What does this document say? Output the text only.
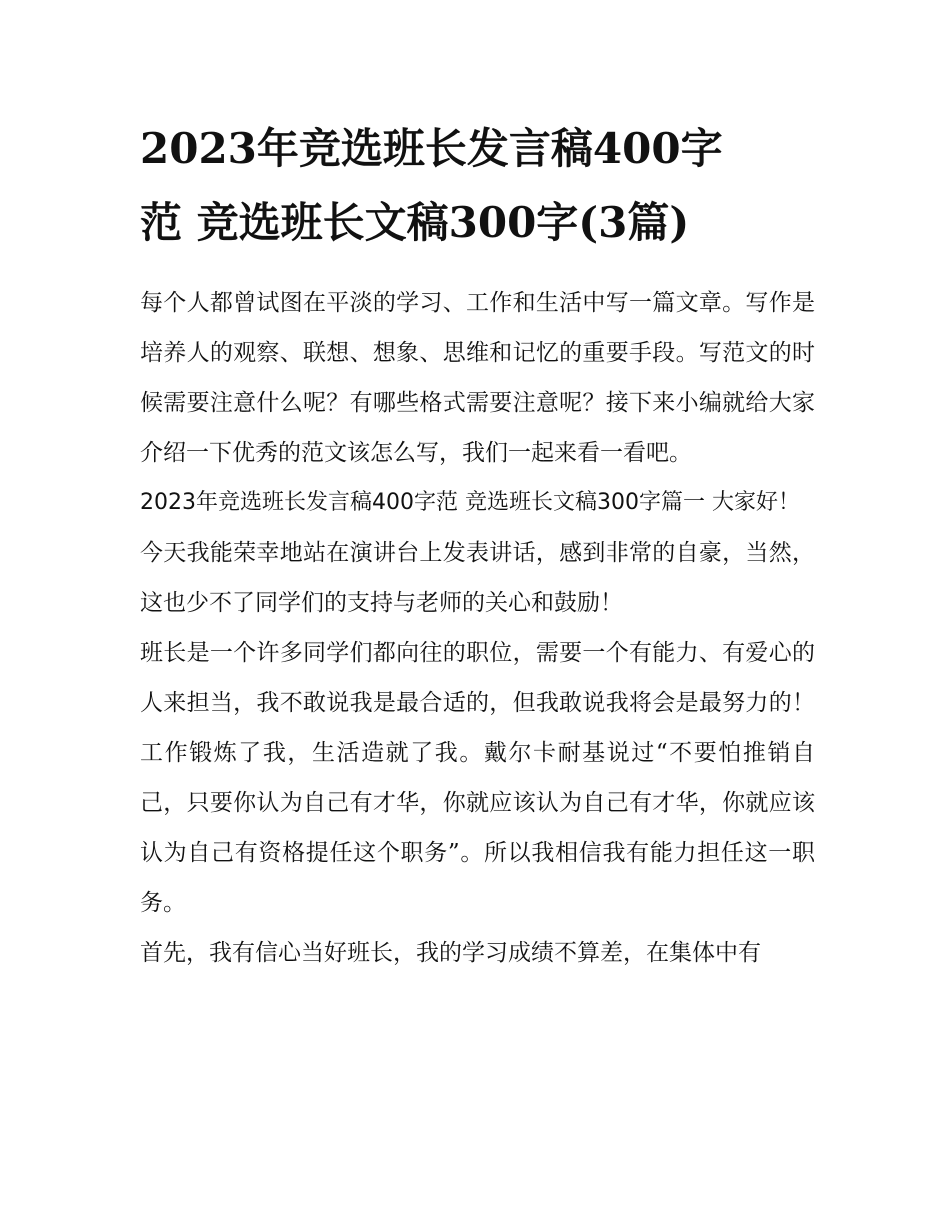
2023年竞选班长发言稿400字
范 竞选班长文稿300字(3篇)

每个人都曾试图在平淡的学习、工作和生活中写一篇文章。写作是培养人的观察、联想、想象、思维和记忆的重要手段。写范文的时候需要注意什么呢？有哪些格式需要注意呢？接下来小编就给大家介绍一下优秀的范文该怎么写，我们一起来看一看吧。

2023年竞选班长发言稿400字范 竞选班长文稿300字篇一 大家好！

今天我能荣幸地站在演讲台上发表讲话，感到非常的自豪，当然，这也少不了同学们的支持与老师的关心和鼓励！

班长是一个许多同学们都向往的职位，需要一个有能力、有爱心的人来担当，我不敢说我是最合适的，但我敢说我将会是最努力的！工作锻炼了我，生活造就了我。戴尔卡耐基说过“不要怕推销自己，只要你认为自己有才华，你就应该认为自己有才华，你就应该认为自己有资格提任这个职务”。所以我相信我有能力担任这一职务。

首先，我有信心当好班长，我的学习成绩不算差，在集体中有
